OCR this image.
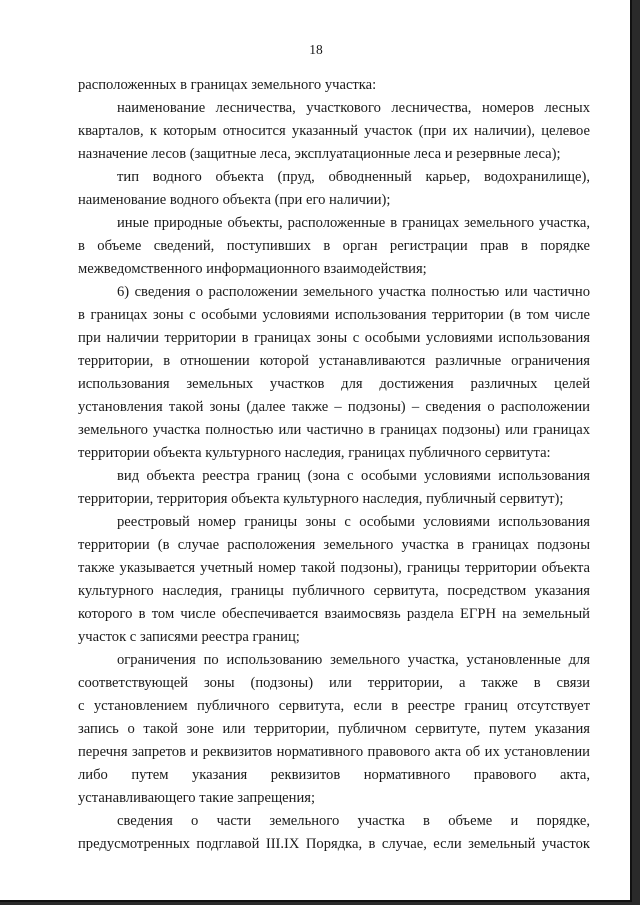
18
расположенных в границах земельного участка:
наименование лесничества, участкового лесничества, номеров лесных
кварталов, к которым относится указанный участок (при их наличии), целевое
назначение лесов (защитные леса, эксплуатационные леса и резервные леса);
тип водного объекта (пруд, обводненный карьер, водохранилище),
наименование водного объекта (при его наличии);
иные природные объекты, расположенные в границах земельного участка,
в объеме сведений, поступивших в орган регистрации прав в порядке
межведомственного информационного взаимодействия;
6) сведения о расположении земельного участка полностью или частично
в границах зоны с особыми условиями использования территории (в том числе
при наличии территории в границах зоны с особыми условиями использования
территории, в отношении которой устанавливаются различные ограничения
использования земельных участков для достижения различных целей
установления такой зоны (далее также – подзоны) – сведения о расположении
земельного участка полностью или частично в границах подзоны) или границах
территории объекта культурного наследия, границах публичного сервитута:
вид объекта реестра границ (зона с особыми условиями использования
территории, территория объекта культурного наследия, публичный сервитут);
реестровый номер границы зоны с особыми условиями использования
территории (в случае расположения земельного участка в границах подзоны
также указывается учетный номер такой подзоны), границы территории объекта
культурного наследия, границы публичного сервитута, посредством указания
которого в том числе обеспечивается взаимосвязь раздела ЕГРН на земельный
участок с записями реестра границ;
ограничения по использованию земельного участка, установленные для
соответствующей зоны (подзоны) или территории, а также в связи
с установлением публичного сервитута, если в реестре границ отсутствует
запись о такой зоне или территории, публичном сервитуте, путем указания
перечня запретов и реквизитов нормативного правового акта об их установлении
либо путем указания реквизитов нормативного правового акта,
устанавливающего такие запрещения;
сведения о части земельного участка в объеме и порядке,
предусмотренных подглавой III.IX Порядка, в случае, если земельный участок
